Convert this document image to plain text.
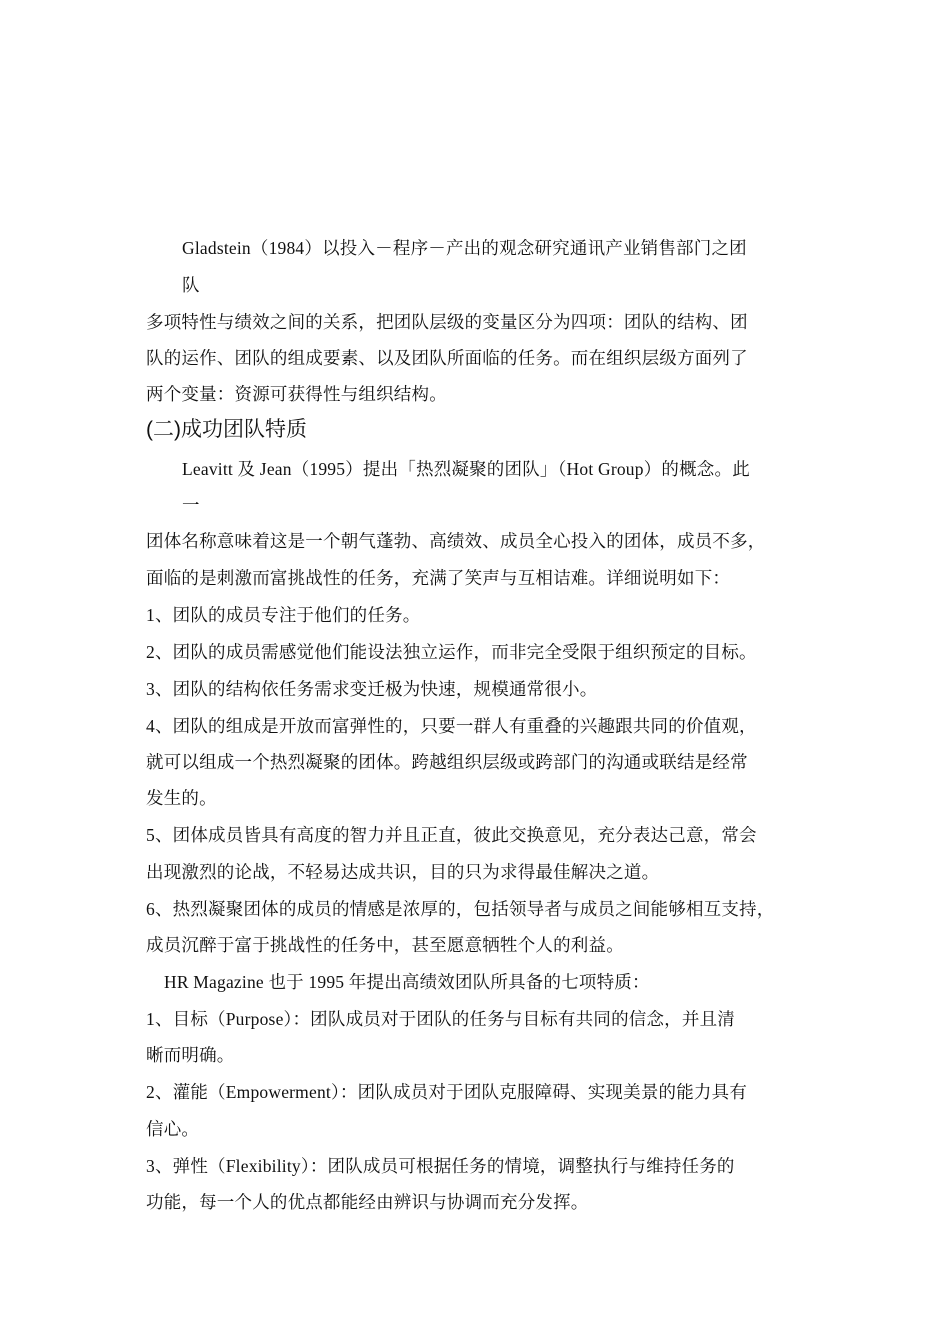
Gladstein（1984）以投入－程序－产出的观念研究通讯产业销售部门之团
队
多项特性与绩效之间的关系，把团队层级的变量区分为四项：团队的结构、团
队的运作、团队的组成要素、以及团队所面临的任务。而在组织层级方面列了
两个变量：资源可获得性与组织结构。
(二)成功团队特质
Leavitt 及 Jean（1995）提出「热烈凝聚的团队」（Hot Group）的概念。此
一
团体名称意味着这是一个朝气蓬勃、高绩效、成员全心投入的团体，成员不多，
面临的是刺激而富挑战性的任务，充满了笑声与互相诘难。详细说明如下：
1、团队的成员专注于他们的任务。
2、团队的成员需感觉他们能设法独立运作，而非完全受限于组织预定的目标。
3、团队的结构依任务需求变迁极为快速，规模通常很小。
4、团队的组成是开放而富弹性的，只要一群人有重叠的兴趣跟共同的价值观，
就可以组成一个热烈凝聚的团体。跨越组织层级或跨部门的沟通或联结是经常
发生的。
5、团体成员皆具有高度的智力并且正直，彼此交换意见，充分表达己意，常会
出现激烈的论战，不轻易达成共识，目的只为求得最佳解决之道。
6、热烈凝聚团体的成员的情感是浓厚的，包括领导者与成员之间能够相互支持，
成员沉醉于富于挑战性的任务中，甚至愿意牺牲个人的利益。
HR Magazine 也于 1995 年提出高绩效团队所具备的七项特质：
1、目标（Purpose）：团队成员对于团队的任务与目标有共同的信念，并且清
晰而明确。
2、灌能（Empowerment）：团队成员对于团队克服障碍、实现美景的能力具有
信心。
3、弹性（Flexibility）：团队成员可根据任务的情境，调整执行与维持任务的
功能，每一个人的优点都能经由辨识与协调而充分发挥。
